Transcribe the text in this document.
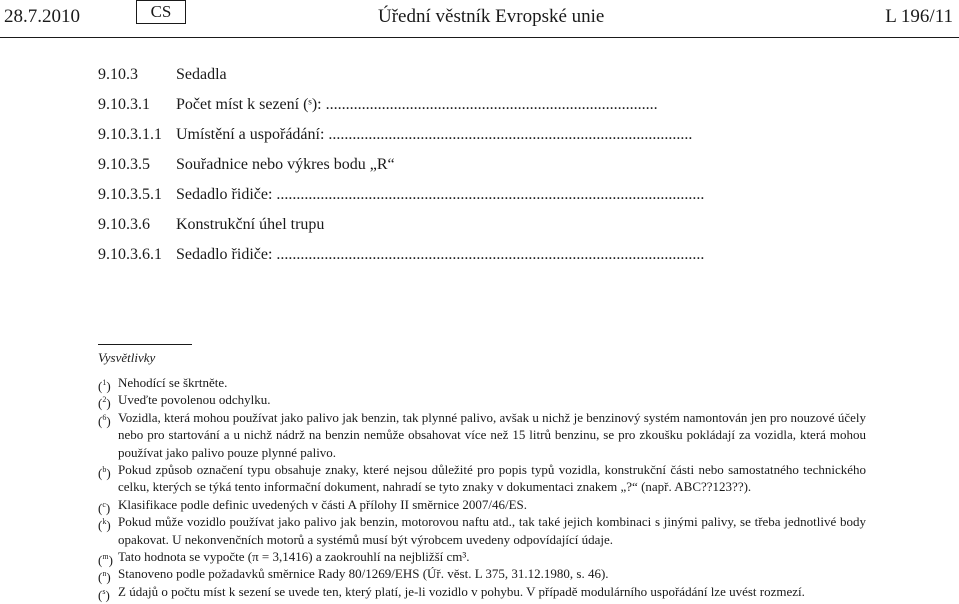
28.7.2010	CS	Úřední věstník Evropské unie	L 196/11
9.10.3 Sedadla
9.10.3.1 Počet míst k sezení (ˢ): ...................................................................................
9.10.3.1.1 Umístění a uspořádání: ...........................................................................................
9.10.3.5 Souřadnice nebo výkres bodu „R“
9.10.3.5.1 Sedadlo řidiče: ...........................................................................................................
9.10.3.6 Konstrukční úhel trupu
9.10.3.6.1 Sedadlo řidiče: ...........................................................................................................
Vysvětlivky
($^1$) Nehodící se škrtněte.
($^2$) Uveďte povolenou odchylku.
($^6$) Vozidla, která mohou používat jako palivo jak benzin, tak plynné palivo, avšak u nichž je benzinový systém namontován jen pro nouzové účely nebo pro startování a u nichž nádrž na benzin nemůže obsahovat více než 15 litrů benzinu, se pro zkoušku pokládají za vozidla, která mohou používat jako palivo pouze plynné palivo.
($^b$) Pokud způsob označení typu obsahuje znaky, které nejsou důležité pro popis typů vozidla, konstrukční části nebo samostatného technického celku, kterých se týká tento informační dokument, nahradí se tyto znaky v dokumentaci znakem „?“ (např. ABC??123??).
($^c$) Klasifikace podle definic uvedených v části A přílohy II směrnice 2007/46/ES.
($^k$) Pokud může vozidlo používat jako palivo jak benzin, motorovou naftu atd., tak také jejich kombinaci s jinými palivy, se třeba jednotlivé body opakovat. U nekonvenčních motorů a systémů musí být výrobcem uvedeny odpovídající údaje.
($^m$) Tato hodnota se vypočte (π = 3,1416) a zaokrouhlí na nejbližší cm³.
($^n$) Stanoveno podle požadavků směrnice Rady 80/1269/EHS (Úř. věst. L 375, 31.12.1980, s. 46).
($^s$) Z údajů o počtu míst k sezení se uvede ten, který platí, je-li vozidlo v pohybu. V případě modulárního uspořádání lze uvést rozmezí.
